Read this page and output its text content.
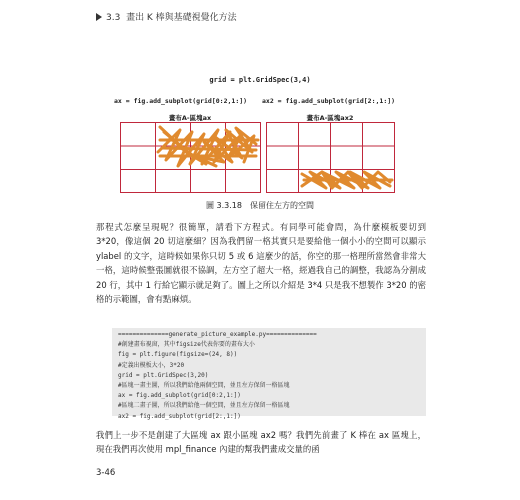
3.3 畫出 K 棒與基礎視覺化方法
grid = plt.GridSpec(3,4)
ax = fig.add_subplot(grid[0:2,1:]) ax2 = fig.add_subplot(grid[2:,1:])
畫布A-區塊ax	畫布A-區塊ax2
圖 3.3.18　保留住左方的空間
那程式怎麼呈現呢？很簡單，請看下方程式。有同學可能會問，為什麼模板要切到 3*20，像這個 20 切這麼細？因為我們留一格其實只是要給他一個小小的空間可以顯示 ylabel 的文字，這時候如果你只切 5 或 6 這麼少的話，你空的那一格理所當然會非常大一格，這時候整張圖就很不協調，左方空了超大一格，經過我自己的調整，我認為分割成 20 行，其中 1 行給它顯示就足夠了。圖上之所以介紹是 3*4 只是我不想製作 3*20 的密格的示範圖，會有點麻煩。
==============generate_picture_example.py==============
#創建畫布視窗，其中figsize代表你要的畫布大小
fig = plt.figure(figsize=(24, 8))
#定義出模板大小，3*20
grid = plt.GridSpec(3,20)
#區塊一畫主圖，所以我們給他兩個空間，並且左方保留一格區塊
ax = fig.add_subplot(grid[0:2,1:])
#區塊二畫子圖，所以我們給他一個空間，並且左方保留一格區塊
ax2 = fig.add_subplot(grid[2:,1:])
我們上一步不是創建了大區塊 ax 跟小區塊 ax2 嗎？我們先前畫了 K 棒在 ax 區塊上，現在我們再次使用 mpl_finance 內建的幫我們畫成交量的函
3-46
